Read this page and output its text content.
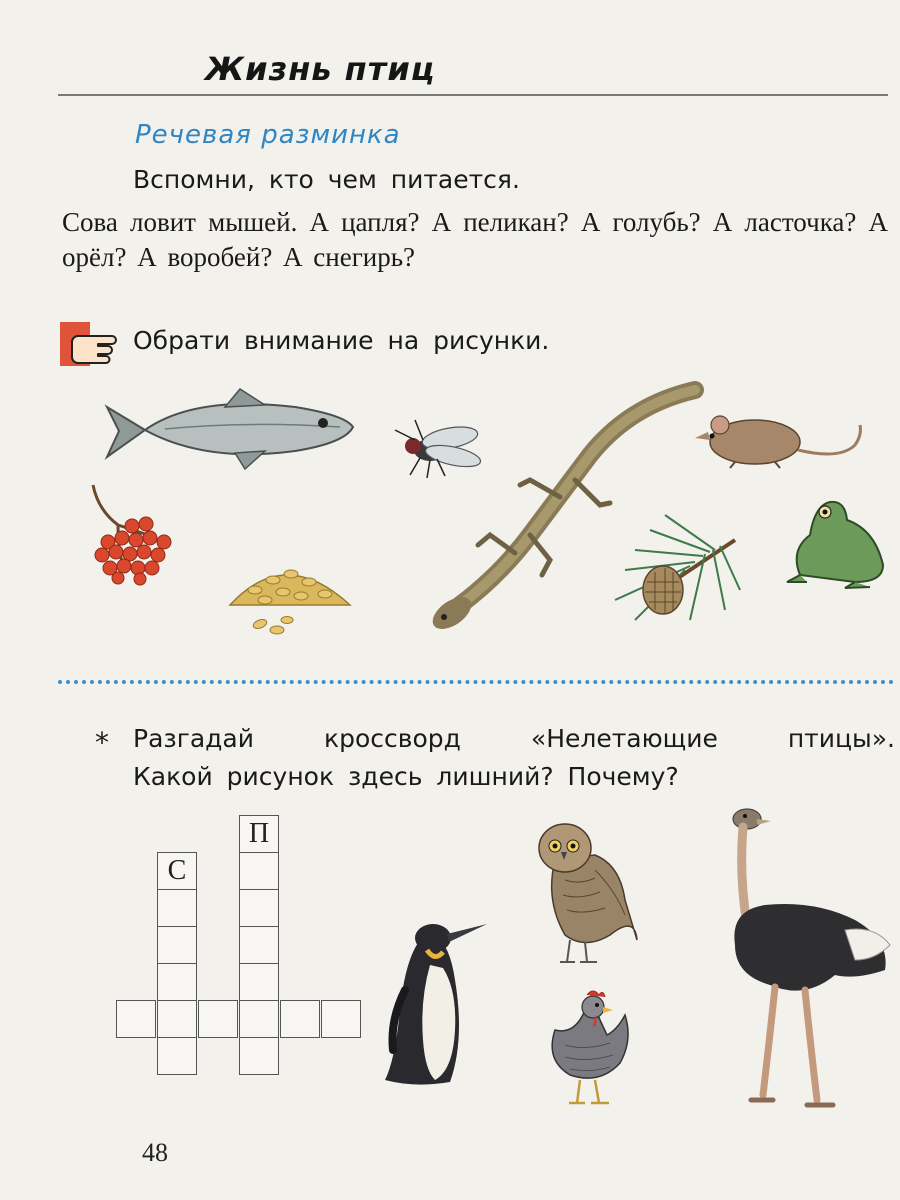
Жизнь птиц
Речевая разминка
Вспомни, кто чем питается.
Сова ловит мышей. А цапля? А пеликан? А голубь? А ласточка? А орёл? А воробей? А снегирь?
Обрати внимание на рисунки.
* Разгадай кроссворд «Нелетающие птицы».
Какой рисунок здесь лишний? Почему?
С
П
48
